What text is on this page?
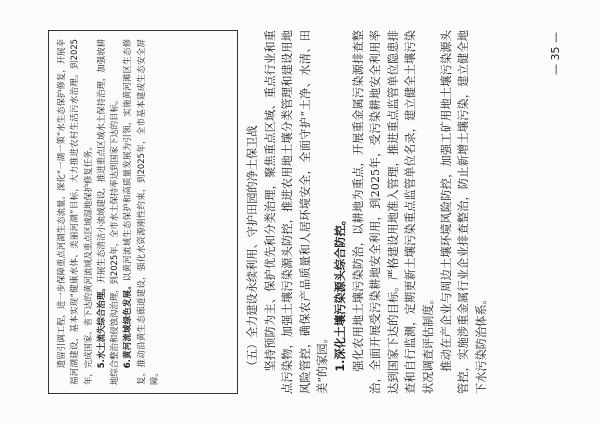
遗留引调工程，进一步保障重点河湖生态流量。深化“一湖一策”水生态保护修复，开展幸福河湖建设，基本实现“健康水体、美丽河湖”目标，大力推进农村生活污水治理。到2025年，完成国家、省下达的黄河流域及重点区域湿地保护修复任务。 5.水土流失综合治理。开展生态清洁小流域建设，推进重点区域水土保持治理，加强坡耕地综合整治和侵蚀沟治理，到2025年，全市水土保持率达到国家下达的目标。 6.黄河流域绿色发展。以黄河流域生态保护和高质量发展为引领，实施黄河滩区生态修复，推动沿黄生态廊道建设，强化水资源刚性约束，到2025年，全市基本建成生态安全屏障。

（五）全力建设永续利用、守护田园的净土保卫战 坚持预防为主、保护优先和分类治理，聚焦重点区域、重点行业和重点污染物，加强土壤污染源头防控，推进农用地土壤分类管理和建设用地风险管控，确保农产品质量和人居环境安全，全面守护“土净、水清、田美”的家园。 1.深化土壤污染源头综合防控。 强化农用地土壤污染防治，以耕地为重点，开展重金属污染源排查整治，全面开展受污染耕地安全利用，到2025年，受污染耕地安全利用率达到国家下达的目标。严格建设用地准入管理，推进重点监管单位隐患排查和自行监测，定期更新土壤污染重点监管单位名录，建立健全土壤污染状况调查评估制度。 推动在产企业与周边土壤环境风险防控，加强工矿用地土壤污染源头管控，实施涉重金属行业企业排查整治，防止新增土壤污染，建立健全地下水污染防治体系。

— 35 —
